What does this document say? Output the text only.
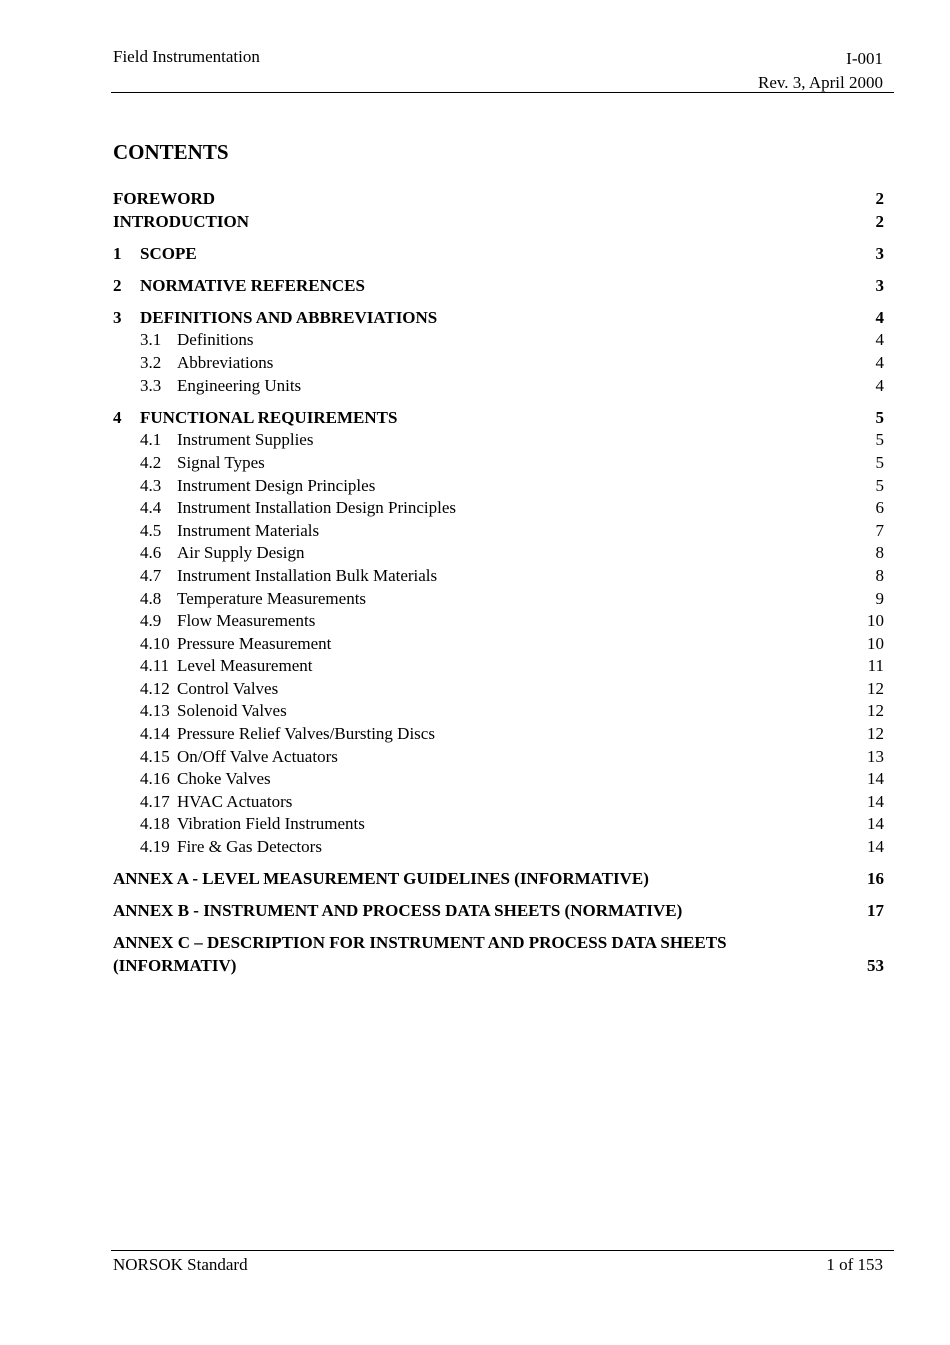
Field Instrumentation	I-001
Rev. 3, April 2000
CONTENTS
FOREWORD	2
INTRODUCTION	2
1 SCOPE	3
2 NORMATIVE REFERENCES	3
3 DEFINITIONS AND ABBREVIATIONS	4
3.1 Definitions	4
3.2 Abbreviations	4
3.3 Engineering Units	4
4 FUNCTIONAL REQUIREMENTS	5
4.1 Instrument Supplies	5
4.2 Signal Types	5
4.3 Instrument Design Principles	5
4.4 Instrument Installation Design Principles	6
4.5 Instrument Materials	7
4.6 Air Supply Design	8
4.7 Instrument Installation Bulk Materials	8
4.8 Temperature Measurements	9
4.9 Flow Measurements	10
4.10 Pressure Measurement	10
4.11 Level Measurement	11
4.12 Control Valves	12
4.13 Solenoid Valves	12
4.14 Pressure Relief Valves/Bursting Discs	12
4.15 On/Off Valve Actuators	13
4.16 Choke Valves	14
4.17 HVAC Actuators	14
4.18 Vibration Field Instruments	14
4.19 Fire & Gas Detectors	14
ANNEX A - LEVEL MEASUREMENT GUIDELINES (INFORMATIVE)	16
ANNEX B - INSTRUMENT AND PROCESS DATA SHEETS (NORMATIVE)	17
ANNEX C – DESCRIPTION FOR INSTRUMENT AND PROCESS DATA SHEETS
(INFORMATIV)	53
NORSOK Standard	1 of 153
